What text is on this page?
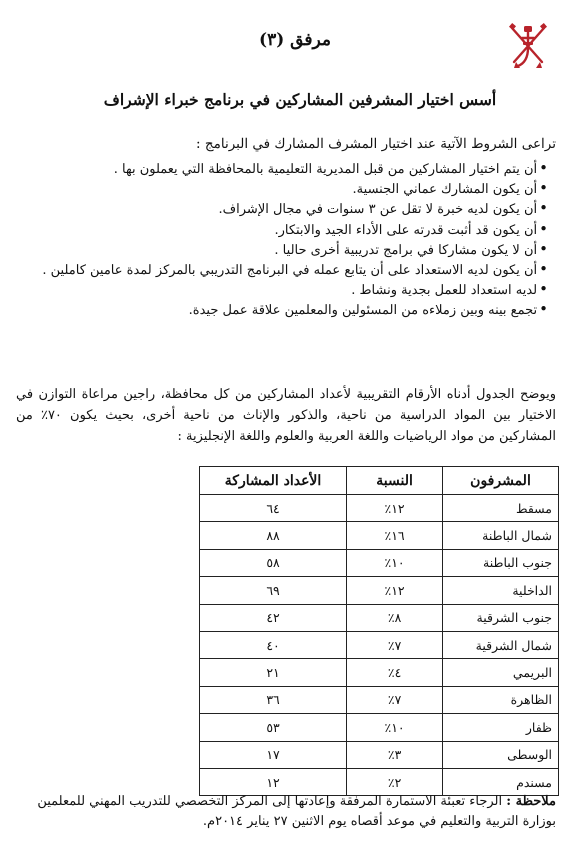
مرفق (٣)
أسس اختيار المشرفين المشاركين في برنامج خبراء الإشراف
تراعى الشروط الآتية عند اختيار المشرف المشارك في البرنامج :
•أن يتم اختيار المشاركين من قبل المديرية التعليمية بالمحافظة التي يعملون بها .
•أن يكون المشارك عماني الجنسية.
•أن يكون لديه خبرة لا تقل عن ٣ سنوات في مجال الإشراف.
•أن يكون قد أثبت قدرته على الأداء الجيد والابتكار.
•أن لا يكون مشاركا في برامج تدريبية أخرى حاليا .
•أن يكون لديه الاستعداد على أن يتابع عمله في البرنامج التدريبي بالمركز لمدة عامين كاملين .
•لديه استعداد للعمل بجدية ونشاط .
•تجمع بينه وبين زملاءه من المسئولين والمعلمين علاقة عمل جيدة.
ويوضح الجدول أدناه الأرقام التقريبية لأعداد المشاركين من كل محافظة، راجين مراعاة التوازن في الاختيار بين المواد الدراسية من ناحية، والذكور والإناث من ناحية أخرى، بحيث يكون ٧٠٪ من المشاركين من مواد الرياضيات واللغة العربية والعلوم واللغة الإنجليزية :
المشرفون	النسبة	الأعداد المشاركة
مسقط	١٢٪	٦٤
شمال الباطنة	١٦٪	٨٨
جنوب الباطنة	١٠٪	٥٨
الداخلية	١٢٪	٦٩
جنوب الشرقية	٨٪	٤٢
شمال الشرقية	٧٪	٤٠
البريمي	٤٪	٢١
الظاهرة	٧٪	٣٦
ظفار	١٠٪	٥٣
الوسطى	٣٪	١٧
مسندم	٢٪	١٢
ملاحظة : الرجاء تعبئة الاستمارة المرفقة وإعادتها إلى المركز التخصصي للتدريب المهني للمعلمين بوزارة التربية والتعليم في موعد أقصاه يوم الاثنين ٢٧ يناير ٢٠١٤م.
